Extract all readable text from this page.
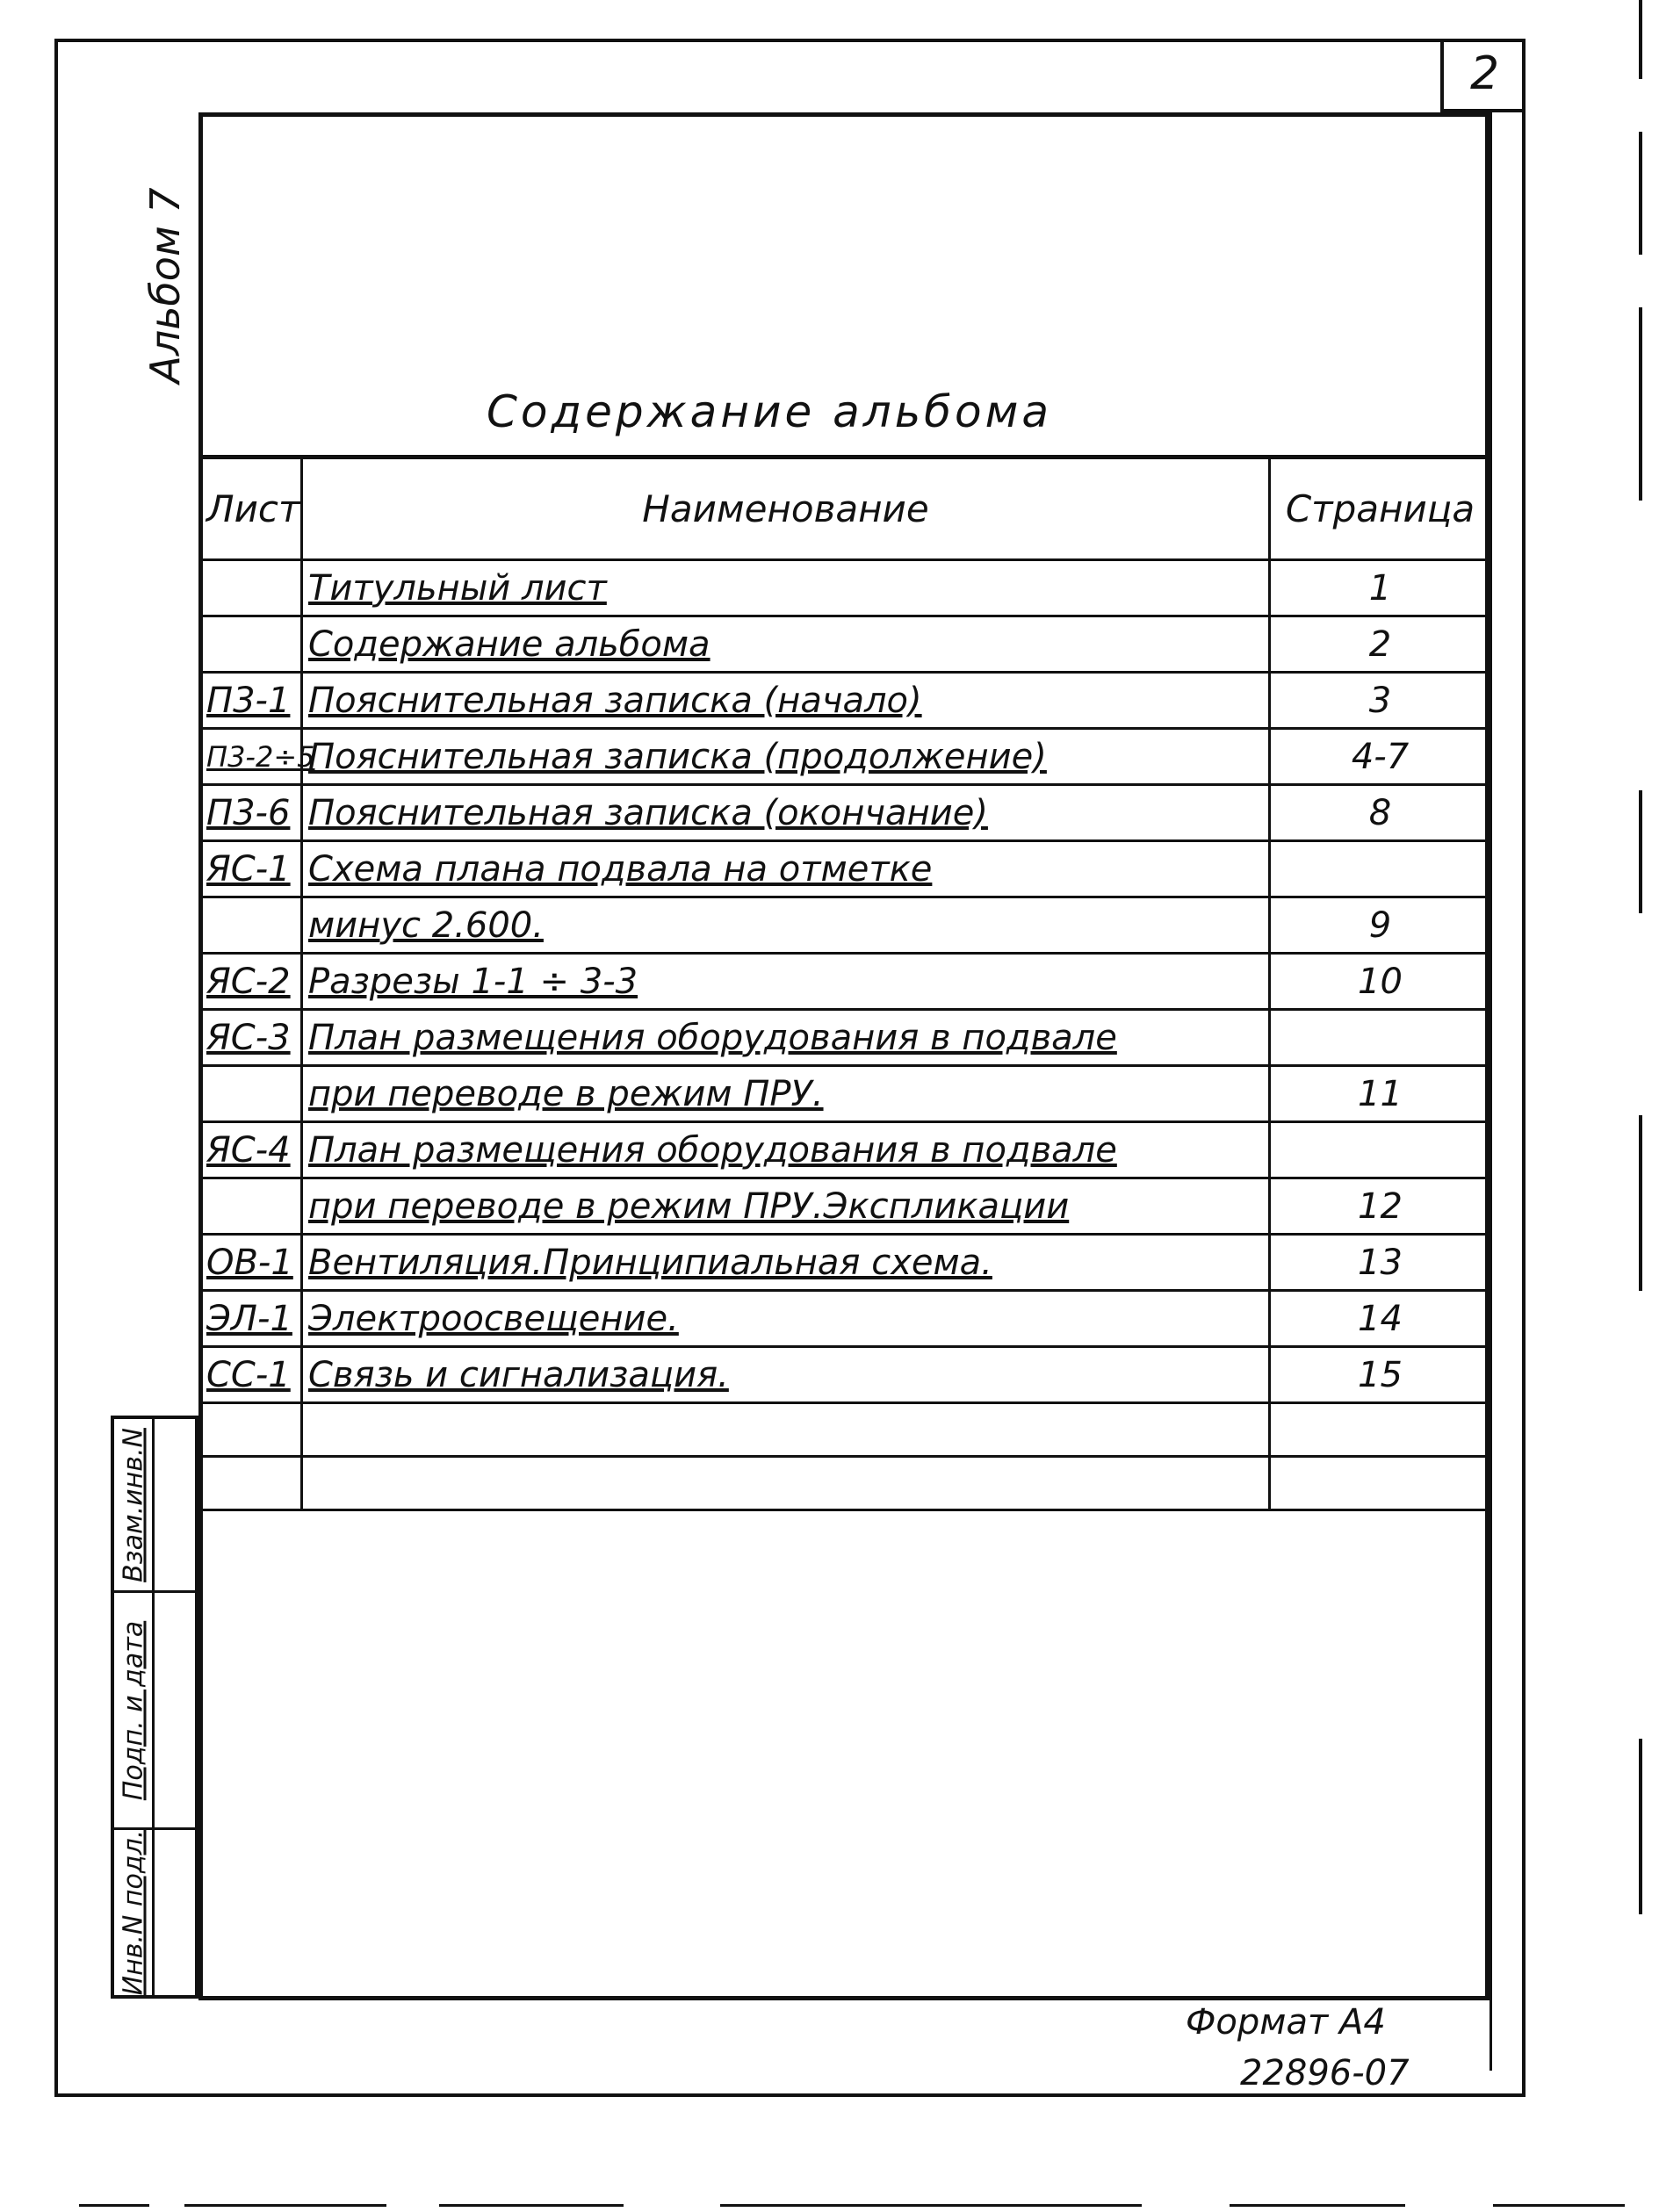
2
Альбом 7
Содержание альбома
Лист	Наименование	Страница
	Титульный лист	1
	Содержание альбома	2
П3-1	Пояснительная записка (начало)	3
П3-2÷5	Пояснительная записка (продолжение)	4-7
П3-6	Пояснительная записка (окончание)	8
ЯС-1	Схема плана подвала на отметке	
	минус 2.600.	9
ЯС-2	Разрезы 1-1 ÷ 3-3	10
ЯС-3	План размещения оборудования в подвале	
	при переводе в режим ПРУ.	11
ЯС-4	План размещения оборудования в подвале	
	при переводе в режим ПРУ.Экспликации	12
ОВ-1	Вентиляция.Принципиальная схема.	13
ЭЛ-1	Электроосвещение.	14
СС-1	Связь и сигнализация.	15

Взам.инв.N
Подп. и дата
Инв.N подл.
Формат А4
22896-07
